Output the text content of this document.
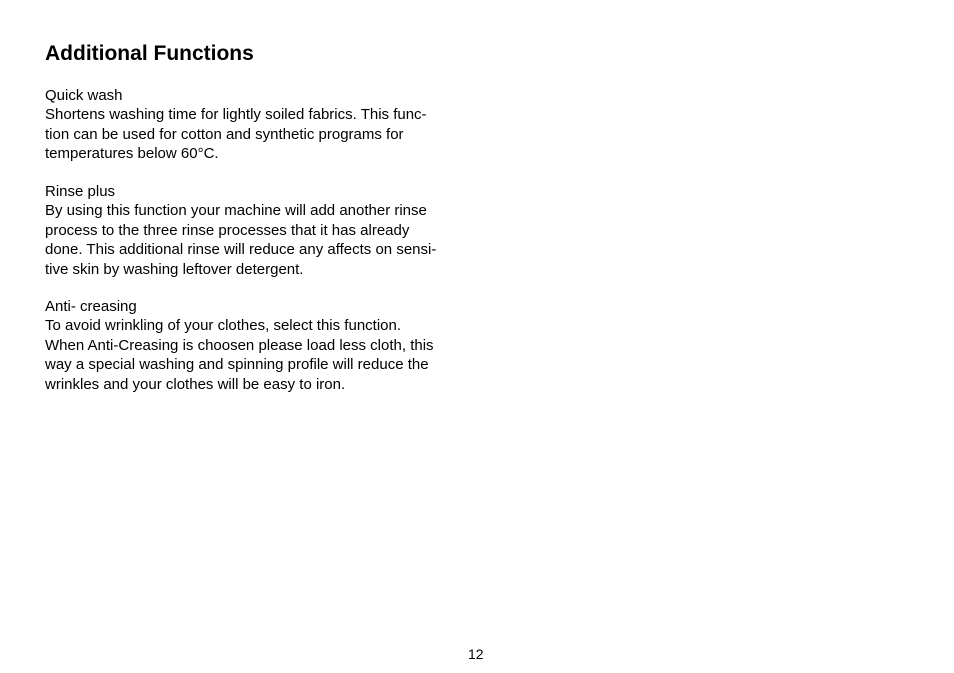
Additional Functions
Quick wash
Shortens washing time for lightly soiled fabrics. This func-
tion can be used for cotton and synthetic programs for
temperatures below 60°C.
Rinse plus
By using this function your machine will add another rinse
process to the three rinse processes that it has already
done. This additional rinse will reduce any affects on sensi-
tive skin by washing leftover detergent.
Anti- creasing
To avoid wrinkling of your clothes, select this function.
When Anti-Creasing is choosen please load less cloth, this
way a special washing and spinning profile will reduce the
wrinkles and your clothes will be easy to iron.
12
